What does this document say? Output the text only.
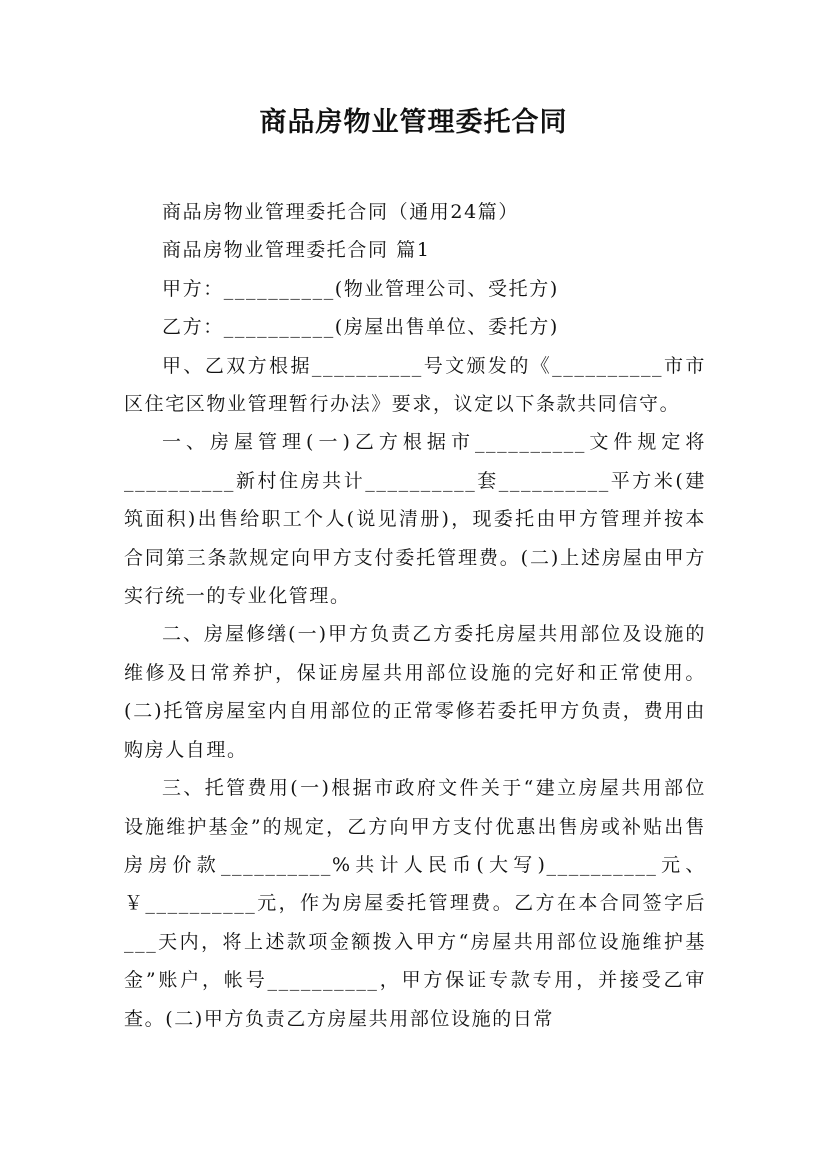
商品房物业管理委托合同

商品房物业管理委托合同（通用24篇）

商品房物业管理委托合同 篇1

甲方：__________(物业管理公司、受托方)

乙方：__________(房屋出售单位、委托方)

甲、乙双方根据__________号文颁发的《__________市市区住宅区物业管理暂行办法》要求，议定以下条款共同信守。

一、房屋管理(一)乙方根据市__________文件规定将__________新村住房共计__________套__________平方米(建筑面积)出售给职工个人(说见清册)，现委托由甲方管理并按本合同第三条款规定向甲方支付委托管理费。(二)上述房屋由甲方实行统一的专业化管理。

二、房屋修缮(一)甲方负责乙方委托房屋共用部位及设施的维修及日常养护，保证房屋共用部位设施的完好和正常使用。(二)托管房屋室内自用部位的正常零修若委托甲方负责，费用由购房人自理。

三、托管费用(一)根据市政府文件关于“建立房屋共用部位设施维护基金”的规定，乙方向甲方支付优惠出售房或补贴出售房房价款__________%共计人民币(大写)__________元、￥__________元，作为房屋委托管理费。乙方在本合同签字后___天内，将上述款项金额拨入甲方“房屋共用部位设施维护基金”账户，帐号__________，甲方保证专款专用，并接受乙审查。(二)甲方负责乙方房屋共用部位设施的日常
